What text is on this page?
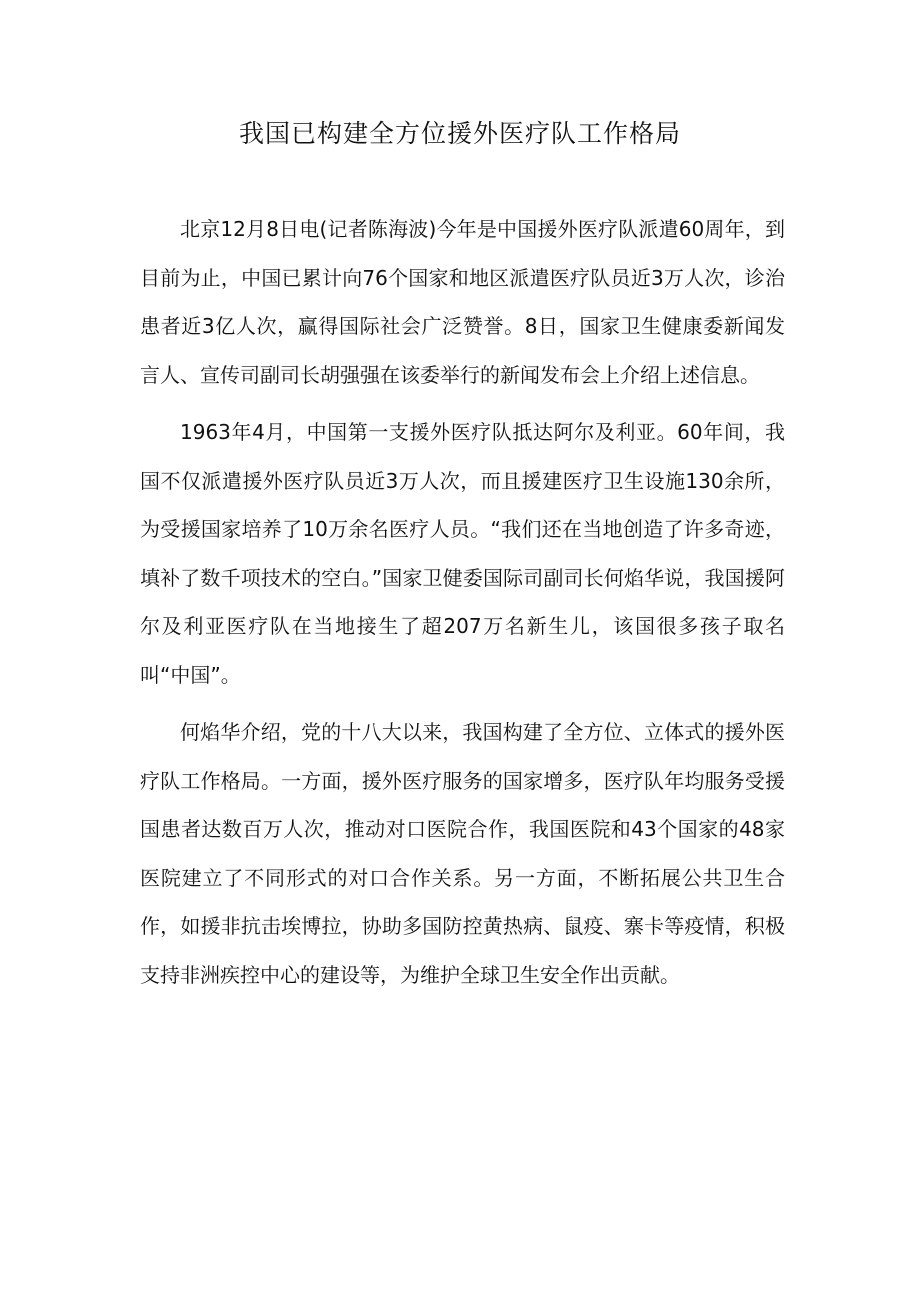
我国已构建全方位援外医疗队工作格局

北京12月8日电(记者陈海波)今年是中国援外医疗队派遣60周年，到目前为止，中国已累计向76个国家和地区派遣医疗队员近3万人次，诊治患者近3亿人次，赢得国际社会广泛赞誉。8日，国家卫生健康委新闻发言人、宣传司副司长胡强强在该委举行的新闻发布会上介绍上述信息。

1963年4月，中国第一支援外医疗队抵达阿尔及利亚。60年间，我国不仅派遣援外医疗队员近3万人次，而且援建医疗卫生设施130余所，为受援国家培养了10万余名医疗人员。“我们还在当地创造了许多奇迹，填补了数千项技术的空白。”国家卫健委国际司副司长何焰华说，我国援阿尔及利亚医疗队在当地接生了超207万名新生儿，该国很多孩子取名叫“中国”。

何焰华介绍，党的十八大以来，我国构建了全方位、立体式的援外医疗队工作格局。一方面，援外医疗服务的国家增多，医疗队年均服务受援国患者达数百万人次，推动对口医院合作，我国医院和43个国家的48家医院建立了不同形式的对口合作关系。另一方面，不断拓展公共卫生合作，如援非抗击埃博拉，协助多国防控黄热病、鼠疫、寨卡等疫情，积极支持非洲疾控中心的建设等，为维护全球卫生安全作出贡献。
